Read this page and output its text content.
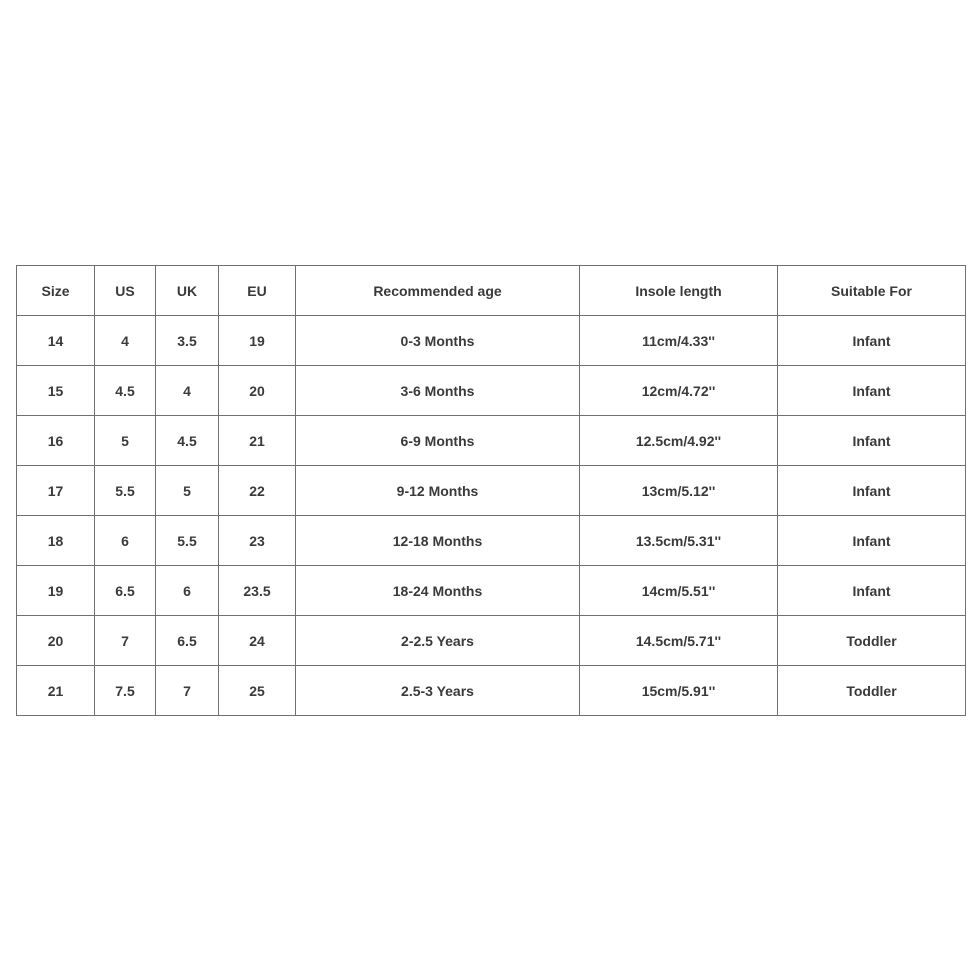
Size	US	UK	EU	Recommended age	Insole length	Suitable For
14	4	3.5	19	0-3 Months	11cm/4.33''	Infant
15	4.5	4	20	3-6 Months	12cm/4.72''	Infant
16	5	4.5	21	6-9 Months	12.5cm/4.92''	Infant
17	5.5	5	22	9-12 Months	13cm/5.12''	Infant
18	6	5.5	23	12-18 Months	13.5cm/5.31''	Infant
19	6.5	6	23.5	18-24 Months	14cm/5.51''	Infant
20	7	6.5	24	2-2.5 Years	14.5cm/5.71''	Toddler
21	7.5	7	25	2.5-3 Years	15cm/5.91''	Toddler
